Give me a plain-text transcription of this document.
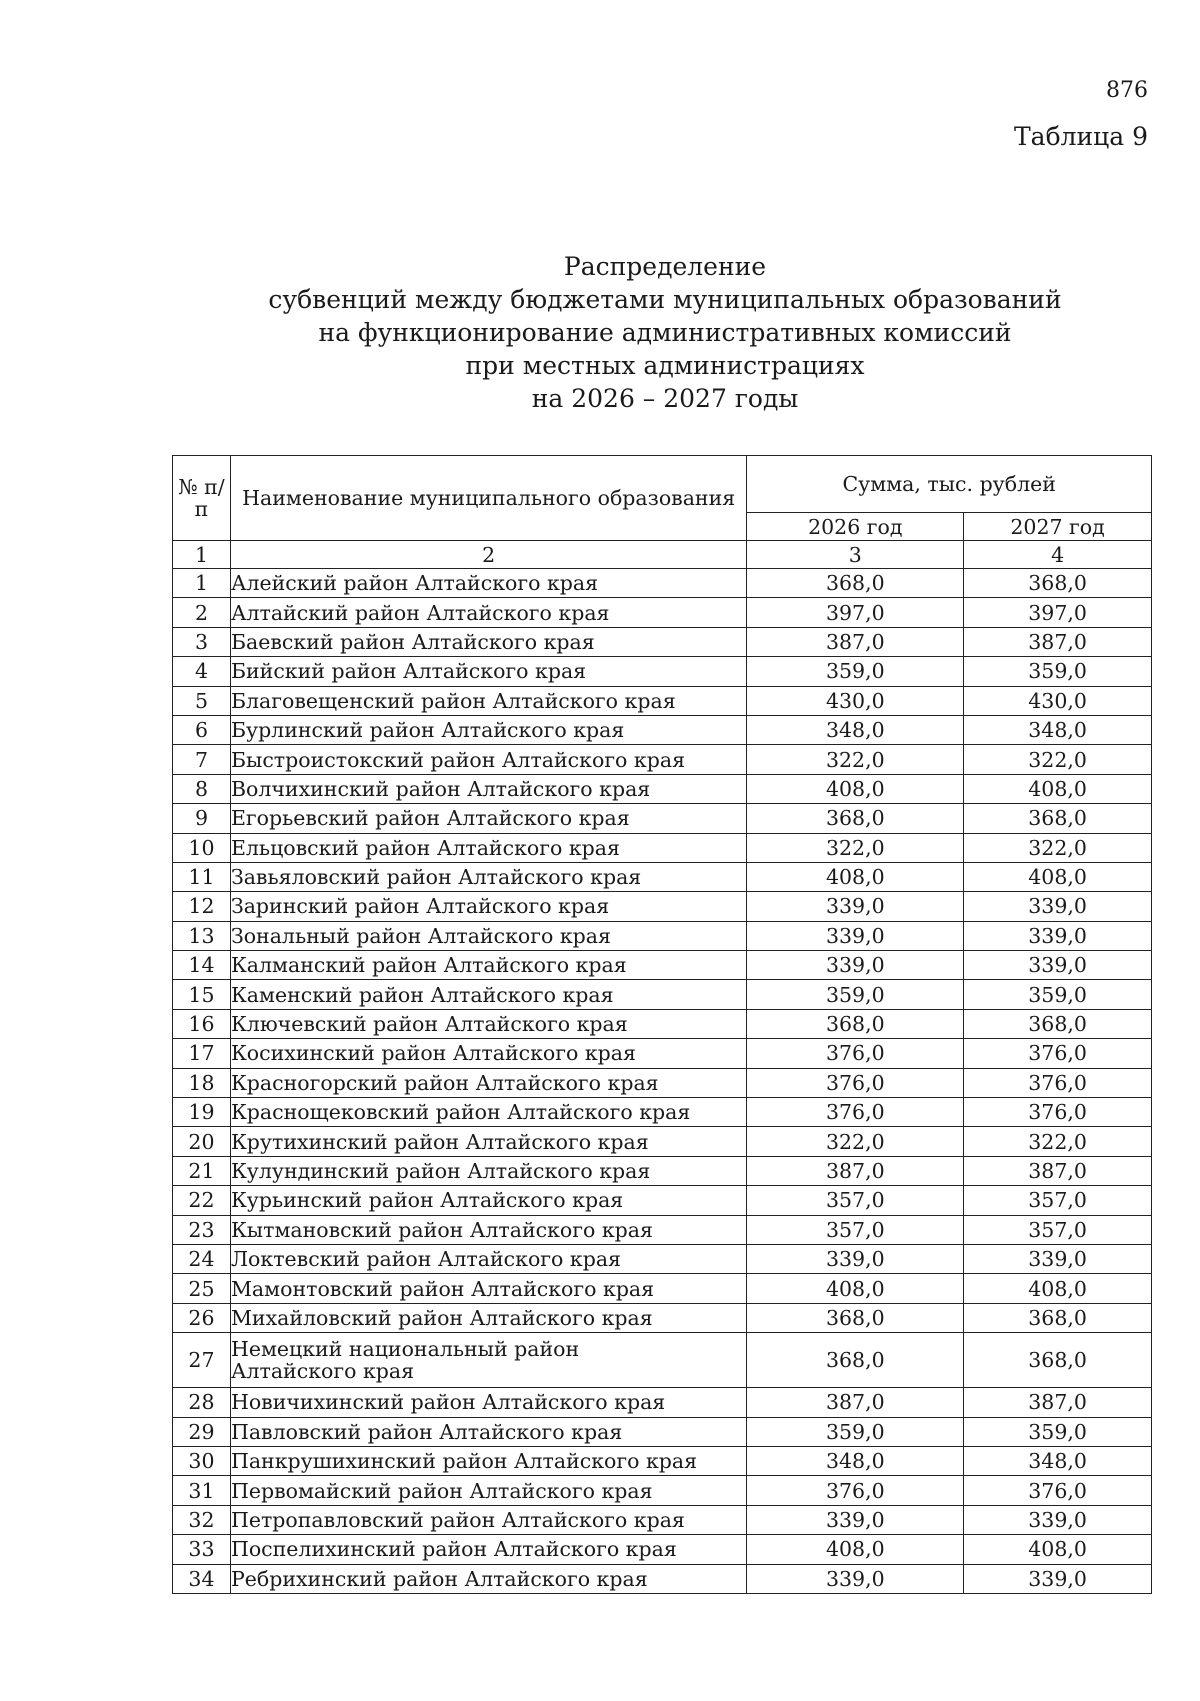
876
Таблица 9
Распределение
субвенций между бюджетами муниципальных образований
на функционирование административных комиссий
при местных администрациях
на 2026 – 2027 годы
№ п/п	Наименование муниципального образования	Сумма, тыс. рублей	
		2026 год	2027 год
1	2	3	4
1	Алейский район Алтайского края	368,0	368,0
2	Алтайский район Алтайского края	397,0	397,0
3	Баевский район Алтайского края	387,0	387,0
4	Бийский район Алтайского края	359,0	359,0
5	Благовещенский район Алтайского края	430,0	430,0
6	Бурлинский район Алтайского края	348,0	348,0
7	Быстроистокский район Алтайского края	322,0	322,0
8	Волчихинский район Алтайского края	408,0	408,0
9	Егорьевский район Алтайского края	368,0	368,0
10	Ельцовский район Алтайского края	322,0	322,0
11	Завьяловский район Алтайского края	408,0	408,0
12	Заринский район Алтайского края	339,0	339,0
13	Зональный район Алтайского края	339,0	339,0
14	Калманский район Алтайского края	339,0	339,0
15	Каменский район Алтайского края	359,0	359,0
16	Ключевский район Алтайского края	368,0	368,0
17	Косихинский район Алтайского края	376,0	376,0
18	Красногорский район Алтайского края	376,0	376,0
19	Краснощековский район Алтайского края	376,0	376,0
20	Крутихинский район Алтайского края	322,0	322,0
21	Кулундинский район Алтайского края	387,0	387,0
22	Курьинский район Алтайского края	357,0	357,0
23	Кытмановский район Алтайского края	357,0	357,0
24	Локтевский район Алтайского края	339,0	339,0
25	Мамонтовский район Алтайского края	408,0	408,0
26	Михайловский район Алтайского края	368,0	368,0
27	Немецкий национальный район
Алтайского края	368,0	368,0
28	Новичихинский район Алтайского края	387,0	387,0
29	Павловский район Алтайского края	359,0	359,0
30	Панкрушихинский район Алтайского края	348,0	348,0
31	Первомайский район Алтайского края	376,0	376,0
32	Петропавловский район Алтайского края	339,0	339,0
33	Поспелихинский район Алтайского края	408,0	408,0
34	Ребрихинский район Алтайского края	339,0	339,0
